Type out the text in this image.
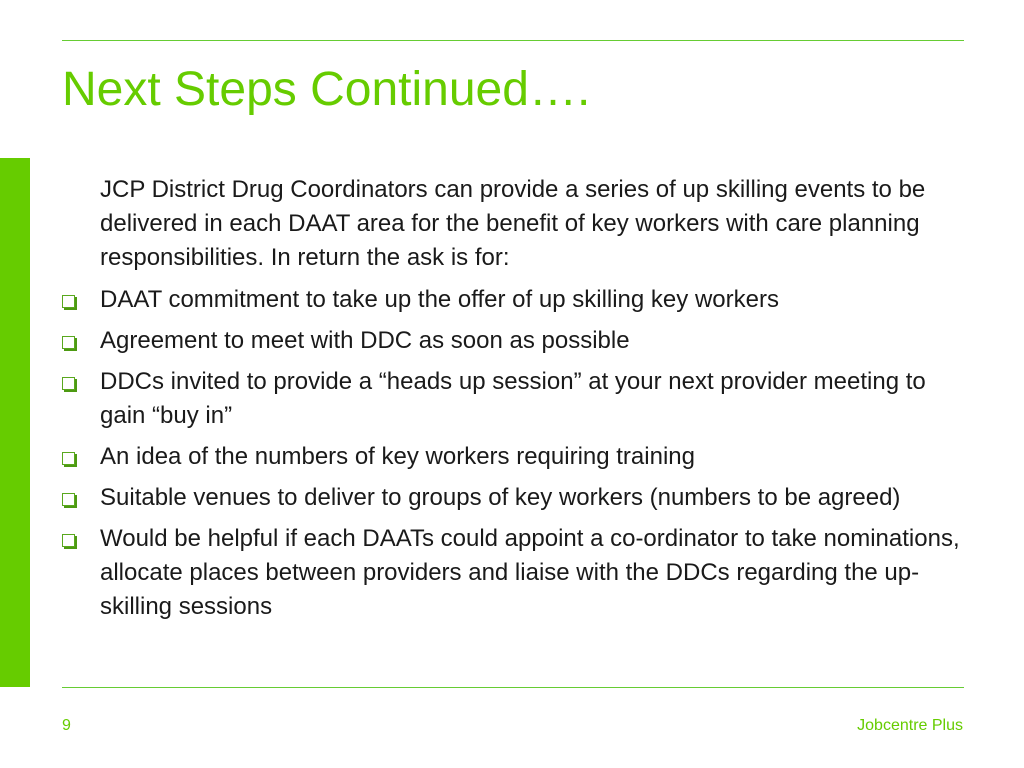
Next Steps Continued….

JCP District Drug Coordinators can provide a series of up skilling events to be delivered in each DAAT area for the benefit of key workers with care planning responsibilities. In return the ask is for:

DAAT commitment to take up the offer of up skilling key workers
Agreement to meet with DDC as soon as possible
DDCs invited to provide a “heads up session” at your next provider meeting to gain “buy in”
An idea of the numbers of key workers requiring training
Suitable venues to deliver to groups of key workers (numbers to be agreed)
Would be helpful if each DAATs could appoint a co-ordinator to take nominations, allocate places between providers and liaise with the DDCs regarding the up-skilling sessions
9	Jobcentre Plus
